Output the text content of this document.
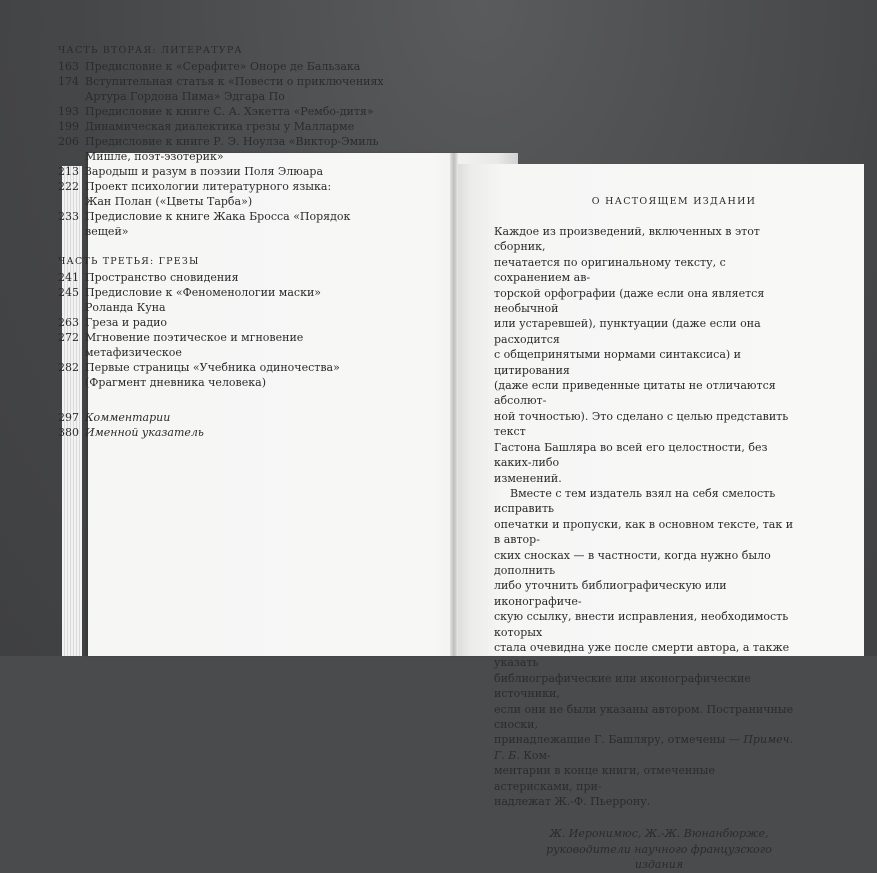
ЧАСТЬ ВТОРАЯ: ЛИТЕРАТУРА
163 Предисловие к «Серафите» Оноре де Бальзака
174 Вступительная статья к «Повести о приключениях
Артура Гордона Пима» Эдгара По
193 Предисловие к книге С. А. Хэкетта «Рембо-дитя»
199 Динамическая диалектика грезы у Малларме
206 Предисловие к книге Р. Э. Ноулза «Виктор-Эмиль
Мишле, поэт-эзотерик»
213 Зародыш и разум в поэзии Поля Элюара
222 Проект психологии литературного языка:
Жан Полан («Цветы Тарба»)
233 Предисловие к книге Жака Бросса «Порядок вещей»
ЧАСТЬ ТРЕТЬЯ: ГРЕЗЫ
241 Пространство сновидения
245 Предисловие к «Феноменологии маски»
Роланда Куна
263 Греза и радио
272 Мгновение поэтическое и мгновение
метафизическое
282 Первые страницы «Учебника одиночества»
(Фрагмент дневника человека)
297 Комментарии
380 Именной указатель
О НАСТОЯЩЕМ ИЗДАНИИ
Каждое из произведений, включенных в этот сборник,
печатается по оригинальному тексту, с сохранением ав-
торской орфографии (даже если она является необычной
или устаревшей), пунктуации (даже если она расходится
с общепринятыми нормами синтаксиса) и цитирования
(даже если приведенные цитаты не отличаются абсолют-
ной точностью). Это сделано с целью представить текст
Гастона Башляра во всей его целостности, без каких-либо
изменений.
Вместе с тем издатель взял на себя смелость исправить
опечатки и пропуски, как в основном тексте, так и в автор-
ских сносках — в частности, когда нужно было дополнить
либо уточнить библиографическую или иконографиче-
скую ссылку, внести исправления, необходимость которых
стала очевидна уже после смерти автора, а также указать
библиографические или иконографические источники,
если они не были указаны автором. Постраничные сноски,
принадлежащие Г. Башляру, отмечены — Примеч. Г. Б. Ком-
ментарии в конце книги, отмеченные астерисками, при-
надлежат Ж.-Ф. Пьеррону.
Ж. Иеронимюс, Ж.-Ж. Вюнанбюрже,
руководители научного французского издания
